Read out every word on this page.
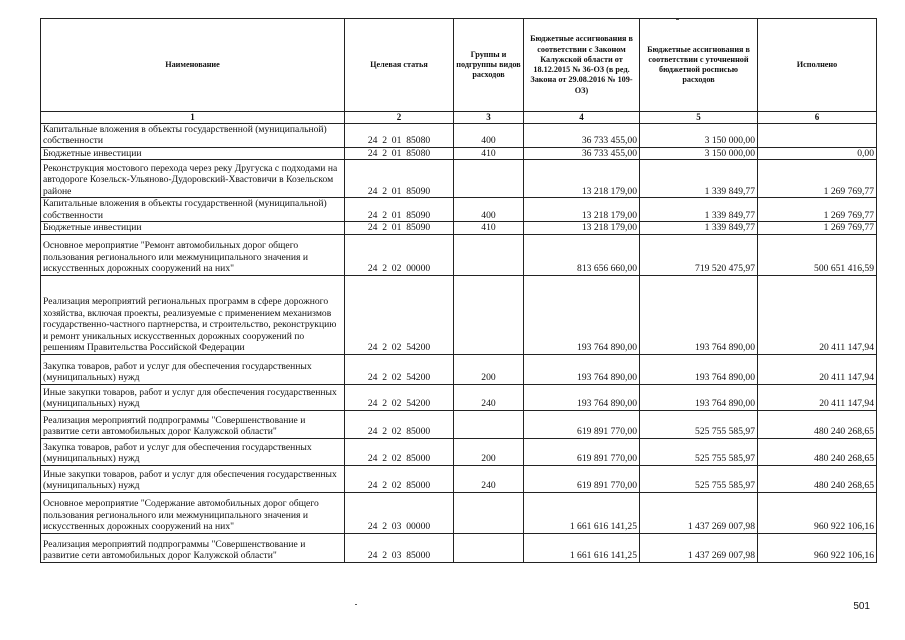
Наименование	Целевая статья	Группы и подгруппы видов расходов	Бюджетные ассигнования в соответствии с Законом Калужской области от 18.12.2015 № 36-ОЗ (в ред. Закона от 29.08.2016 № 109-ОЗ)	Бюджетные ассигнования в соответствии с уточненной бюджетной росписью расходов	Исполнено
1	2	3	4	5	6
Капитальные вложения в объекты государственной (муниципальной) собственности	24  2  01  85080	400	36 733 455,00	3 150 000,00	
Бюджетные инвестиции	24  2  01  85080	410	36 733 455,00	3 150 000,00	0,00
Реконструкция мостового перехода через реку Другуска с подходами на автодороге Козельск-Ульяново-Дудоровский-Хвастовичи в Козельском районе	24  2  01  85090		13 218 179,00	1 339 849,77	1 269 769,77
Капитальные вложения в объекты государственной (муниципальной) собственности	24  2  01  85090	400	13 218 179,00	1 339 849,77	1 269 769,77
Бюджетные инвестиции	24  2  01  85090	410	13 218 179,00	1 339 849,77	1 269 769,77
Основное мероприятие "Ремонт автомобильных дорог общего пользования регионального или межмуниципального значения и искусственных дорожных сооружений на них"	24  2  02  00000		813 656 660,00	719 520 475,97	500 651 416,59
Реализация мероприятий региональных программ в сфере дорожного хозяйства, включая проекты, реализуемые с применением механизмов государственно-частного партнерства, и строительство, реконструкцию и ремонт уникальных искусственных дорожных сооружений по решениям Правительства Российской Федерации	24  2  02  54200		193 764 890,00	193 764 890,00	20 411 147,94
Закупка товаров, работ и услуг для обеспечения государственных (муниципальных) нужд	24  2  02  54200	200	193 764 890,00	193 764 890,00	20 411 147,94
Иные закупки товаров, работ и услуг для обеспечения государственных (муниципальных) нужд	24  2  02  54200	240	193 764 890,00	193 764 890,00	20 411 147,94
Реализация мероприятий подпрограммы "Совершенствование и развитие сети автомобильных дорог Калужской области"	24  2  02  85000		619 891 770,00	525 755 585,97	480 240 268,65
Закупка товаров, работ и услуг для обеспечения государственных (муниципальных) нужд	24  2  02  85000	200	619 891 770,00	525 755 585,97	480 240 268,65
Иные закупки товаров, работ и услуг для обеспечения государственных (муниципальных) нужд	24  2  02  85000	240	619 891 770,00	525 755 585,97	480 240 268,65
Основное мероприятие "Содержание автомобильных дорог общего пользования регионального или межмуниципального значения и искусственных дорожных сооружений на них"	24  2  03  00000		1 661 616 141,25	1 437 269 007,98	960 922 106,16
Реализация мероприятий подпрограммы "Совершенствование и развитие сети автомобильных дорог Калужской области"	24  2  03  85000		1 661 616 141,25	1 437 269 007,98	960 922 106,16
501
